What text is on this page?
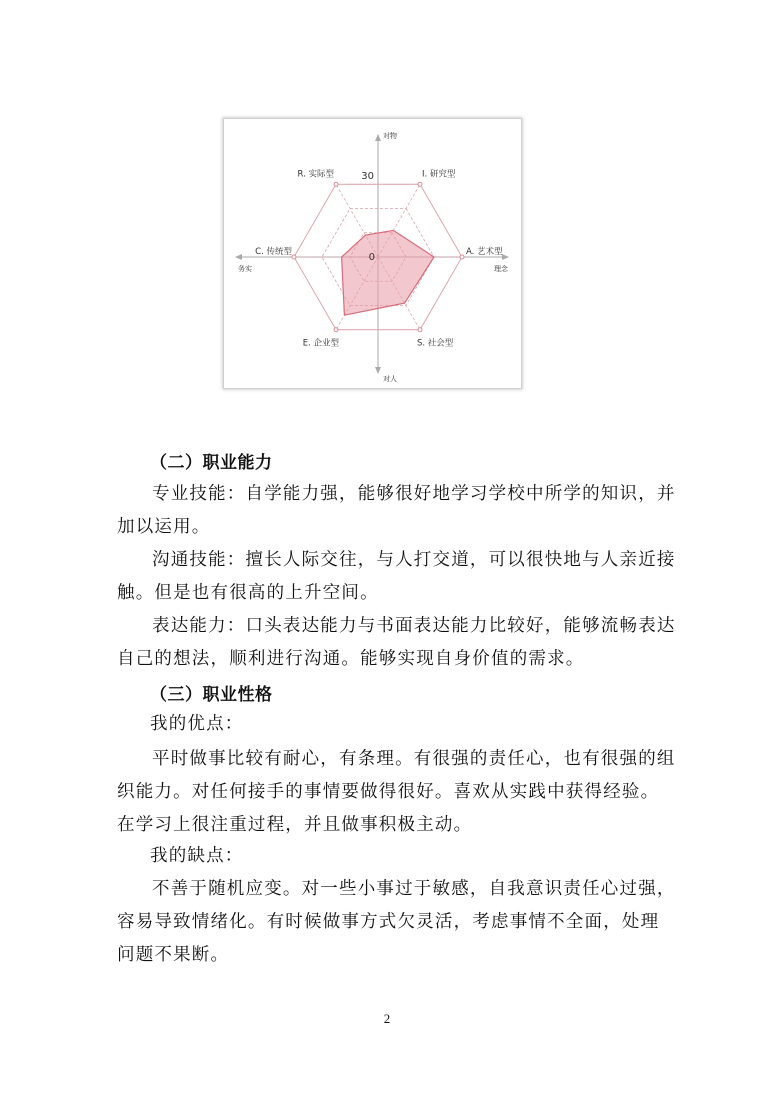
I. 研究型
A. 艺术型
S. 社会型
E. 企业型
C. 传统型
R. 实际型	30
0
对物
对人
务实	理念
（二）职业能力

专业技能：自学能力强，能够很好地学习学校中所学的知识，并加以运用。

沟通技能：擅长人际交往，与人打交道，可以很快地与人亲近接触。但是也有很高的上升空间。

表达能力：口头表达能力与书面表达能力比较好，能够流畅表达自己的想法，顺利进行沟通。能够实现自身价值的需求。

（三）职业性格
我的优点：

平时做事比较有耐心，有条理。有很强的责任心，也有很强的组织能力。对任何接手的事情要做得很好。喜欢从实践中获得经验。在学习上很注重过程，并且做事积极主动。

我的缺点：

不善于随机应变。对一些小事过于敏感，自我意识责任心过强，容易导致情绪化。有时候做事方式欠灵活，考虑事情不全面，处理问题不果断。

2
